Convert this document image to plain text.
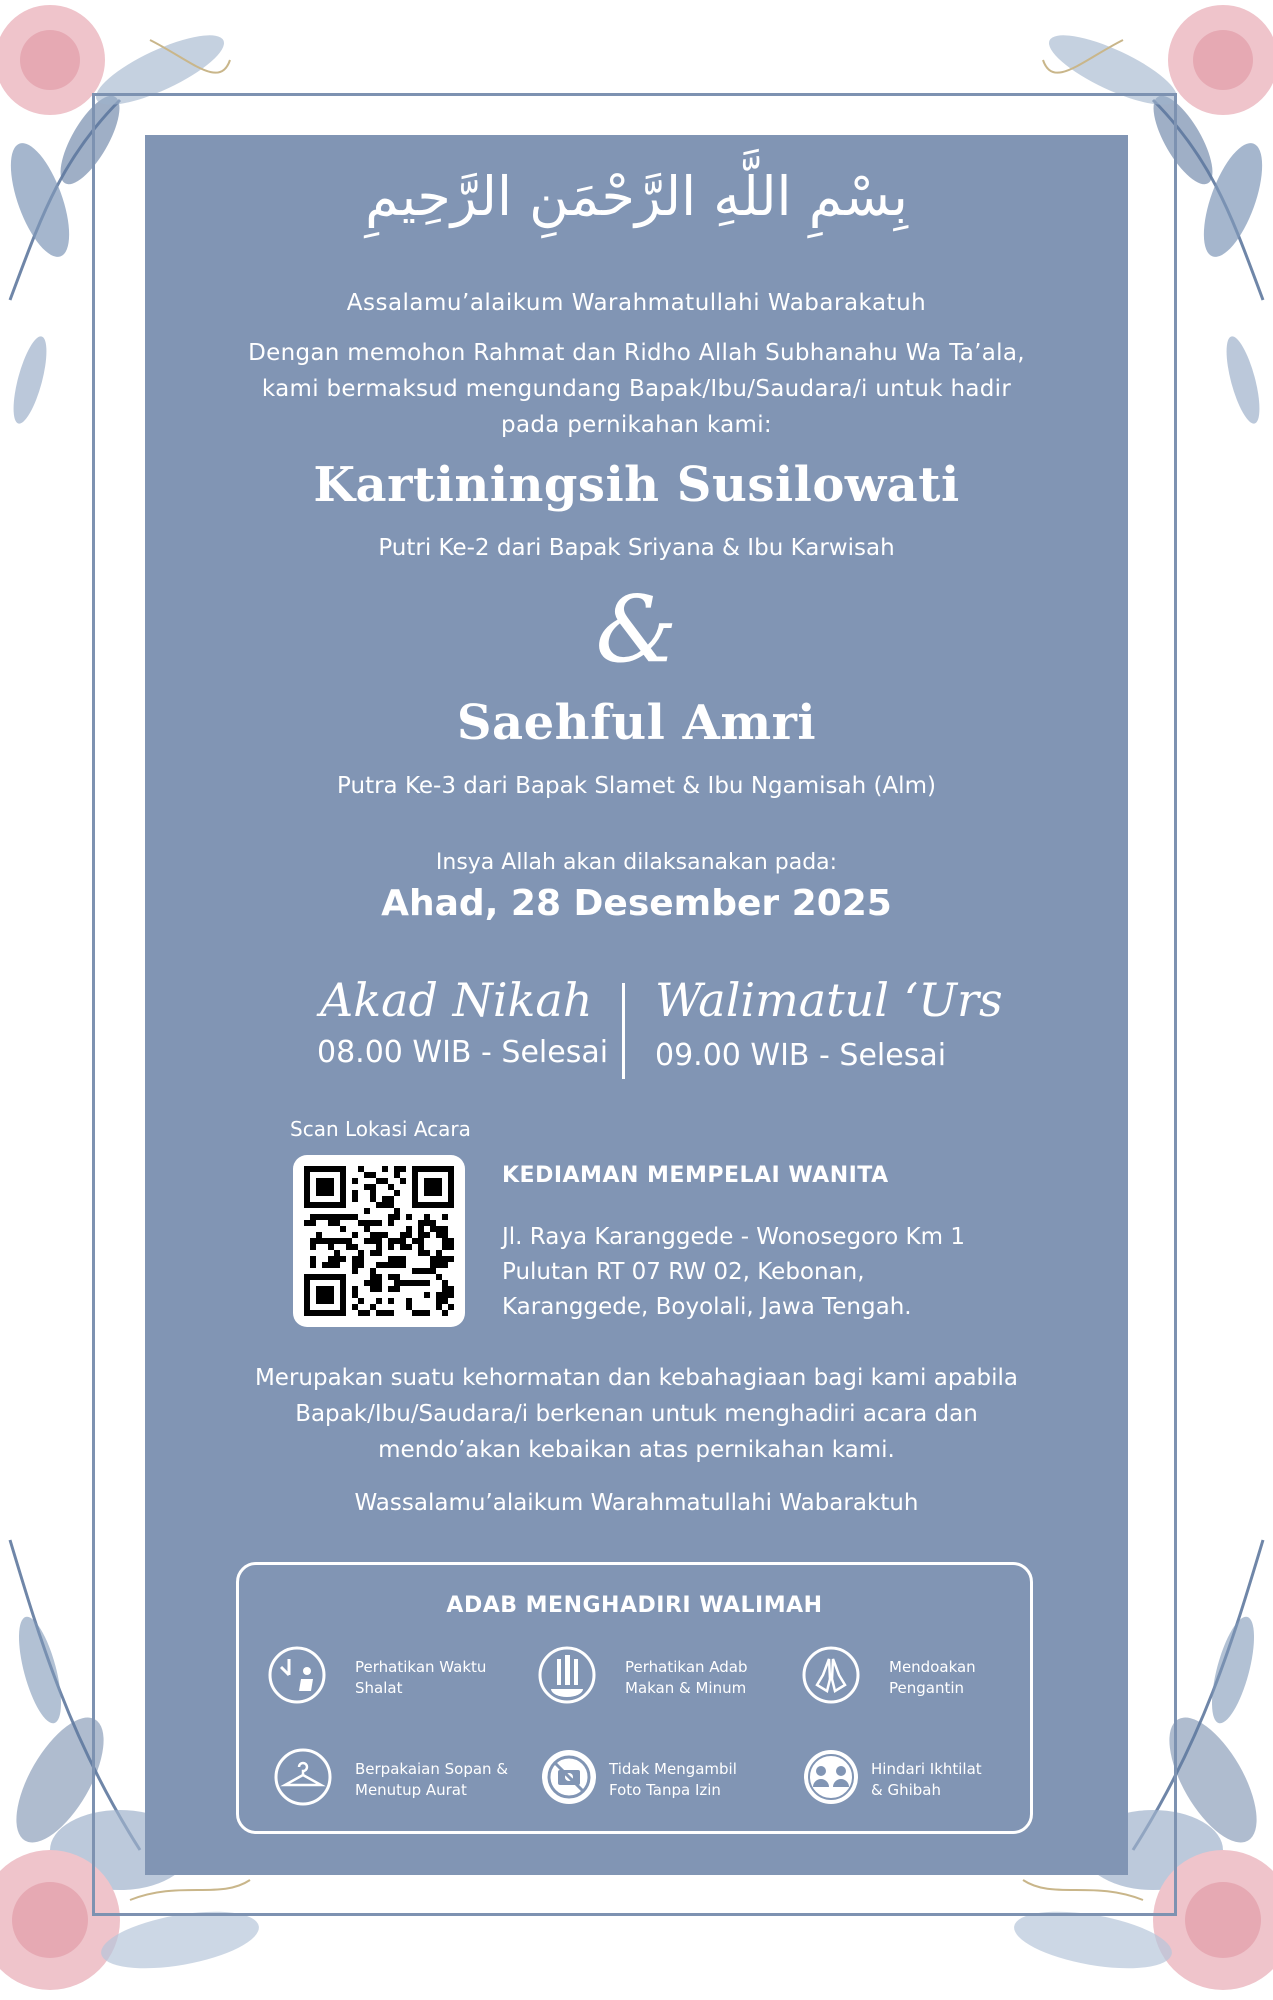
بِسْمِ اللَّهِ الرَّحْمَنِ الرَّحِيمِ
Assalamu’alaikum Warahmatullahi Wabarakatuh
Dengan memohon Rahmat dan Ridho Allah Subhanahu Wa Ta’ala,
kami bermaksud mengundang Bapak/Ibu/Saudara/i untuk hadir
pada pernikahan kami:
Kartiningsih Susilowati
Putri Ke-2 dari Bapak Sriyana & Ibu Karwisah
&
Saehful Amri
Putra Ke-3 dari Bapak Slamet & Ibu Ngamisah (Alm)
Insya Allah akan dilaksanakan pada:
Ahad, 28 Desember 2025
Akad Nikah
08.00 WIB - Selesai
Walimatul ‘Urs
09.00 WIB - Selesai
Scan Lokasi Acara
KEDIAMAN MEMPELAI WANITA
Jl. Raya Karanggede - Wonosegoro Km 1
Pulutan RT 07 RW 02, Kebonan,
Karanggede, Boyolali, Jawa Tengah.
Merupakan suatu kehormatan dan kebahagiaan bagi kami apabila
Bapak/Ibu/Saudara/i berkenan untuk menghadiri acara dan
mendo’akan kebaikan atas pernikahan kami.
Wassalamu’alaikum Warahmatullahi Wabaraktuh
ADAB MENGHADIRI WALIMAH
Perhatikan Waktu
Shalat
Perhatikan Adab
Makan & Minum
Mendoakan
Pengantin
Berpakaian Sopan &
Menutup Aurat
Tidak Mengambil
Foto Tanpa Izin
Hindari Ikhtilat
& Ghibah
